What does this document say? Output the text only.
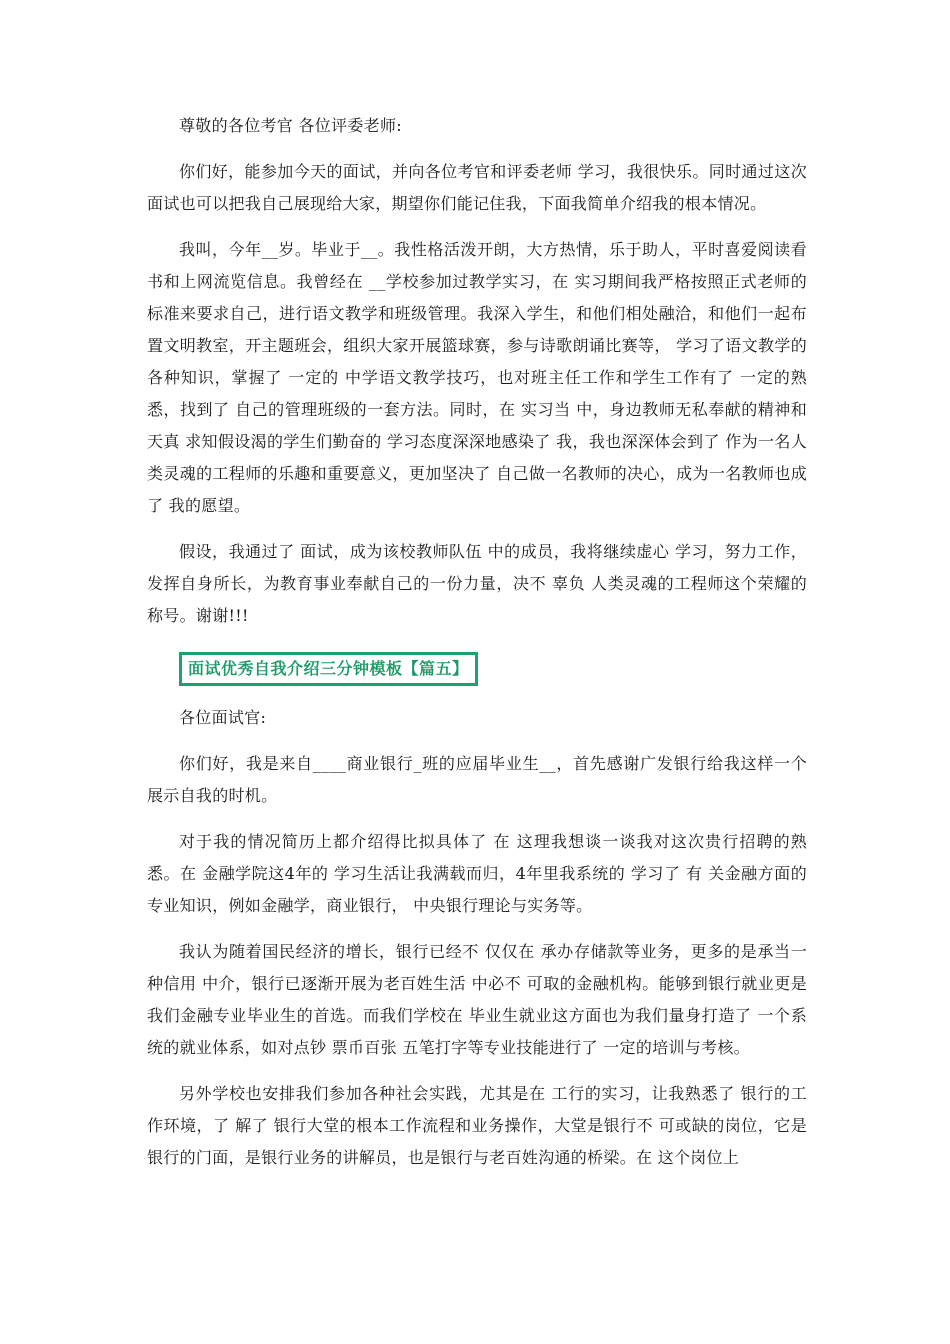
尊敬的各位考官 各位评委老师:

你们好，能参加今天的面试，并向各位考官和评委老师 学习，我很快乐。同时通过这次面试也可以把我自己展现给大家，期望你们能记住我，下面我简单介绍我的根本情况。

我叫，今年__岁。毕业于__。我性格活泼开朗，大方热情，乐于助人，平时喜爱阅读看书和上网流览信息。我曾经在 __学校参加过教学实习，在 实习期间我严格按照正式老师的标准来要求自己，进行语文教学和班级管理。我深入学生，和他们相处融洽，和他们一起布置文明教室，开主题班会，组织大家开展篮球赛，参与诗歌朗诵比赛等， 学习了语文教学的各种知识，掌握了 一定的 中学语文教学技巧，也对班主任工作和学生工作有了 一定的熟悉，找到了 自己的管理班级的一套方法。同时，在 实习当 中，身边教师无私奉献的精神和天真 求知假设渴的学生们勤奋的 学习态度深深地感染了 我，我也深深体会到了 作为一名人类灵魂的工程师的乐趣和重要意义，更加坚决了 自己做一名教师的决心，成为一名教师也成了 我的愿望。

假设，我通过了 面试，成为该校教师队伍 中的成员，我将继续虚心 学习，努力工作，发挥自身所长，为教育事业奉献自己的一份力量，决不 辜负 人类灵魂的工程师这个荣耀的称号。谢谢!!!

面试优秀自我介绍三分钟模板【篇五】

各位面试官:

你们好，我是来自____商业银行_班的应届毕业生__，首先感谢广发银行给我这样一个展示自我的时机。

对于我的情况简历上都介绍得比拟具体了 在 这理我想谈一谈我对这次贵行招聘的熟悉。在 金融学院这4年的 学习生活让我满载而归，4年里我系统的 学习了 有 关金融方面的专业知识，例如金融学，商业银行， 中央银行理论与实务等。

我认为随着国民经济的增长，银行已经不 仅仅在 承办存储款等业务，更多的是承当一种信用 中介，银行已逐渐开展为老百姓生活 中必不 可取的金融机构。能够到银行就业更是我们金融专业毕业生的首选。而我们学校在 毕业生就业这方面也为我们量身打造了 一个系统的就业体系，如对点钞 票币百张 五笔打字等专业技能进行了 一定的培训与考核。

另外学校也安排我们参加各种社会实践，尤其是在 工行的实习，让我熟悉了 银行的工作环境，了 解了 银行大堂的根本工作流程和业务操作，大堂是银行不 可或缺的岗位，它是银行的门面，是银行业务的讲解员，也是银行与老百姓沟通的桥梁。在 这个岗位上
